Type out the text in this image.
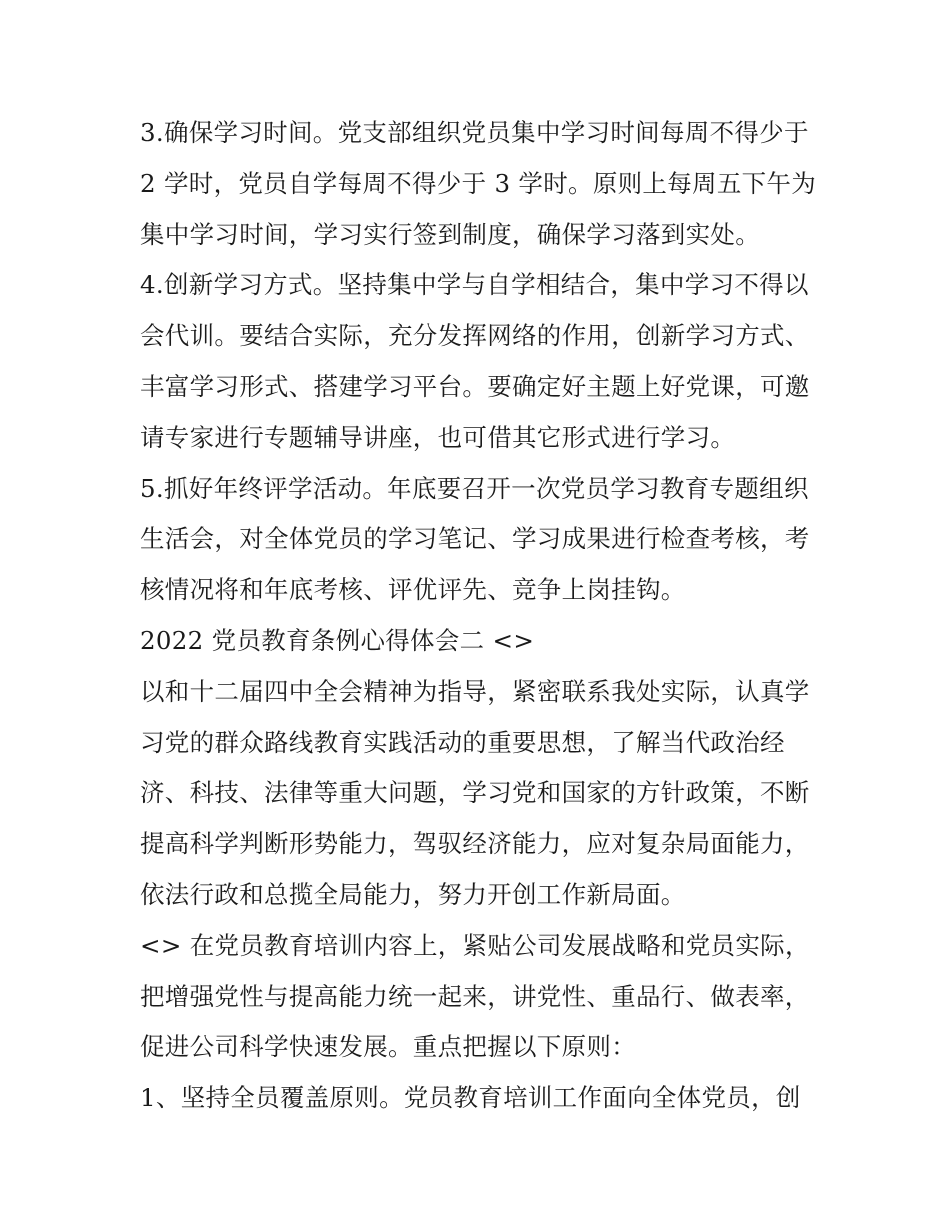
3.确保学习时间。党支部组织党员集中学习时间每周不得少于
2 学时，党员自学每周不得少于 3 学时。原则上每周五下午为
集中学习时间，学习实行签到制度，确保学习落到实处。
4.创新学习方式。坚持集中学与自学相结合，集中学习不得以
会代训。要结合实际，充分发挥网络的作用，创新学习方式、
丰富学习形式、搭建学习平台。要确定好主题上好党课，可邀
请专家进行专题辅导讲座，也可借其它形式进行学习。
5.抓好年终评学活动。年底要召开一次党员学习教育专题组织
生活会，对全体党员的学习笔记、学习成果进行检查考核，考
核情况将和年底考核、评优评先、竞争上岗挂钩。
2022 党员教育条例心得体会二 <>
以和十二届四中全会精神为指导，紧密联系我处实际，认真学
习党的群众路线教育实践活动的重要思想，了解当代政治经
济、科技、法律等重大问题，学习党和国家的方针政策，不断
提高科学判断形势能力，驾驭经济能力，应对复杂局面能力，
依法行政和总揽全局能力，努力开创工作新局面。
<> 在党员教育培训内容上，紧贴公司发展战略和党员实际，
把增强党性与提高能力统一起来，讲党性、重品行、做表率，
促进公司科学快速发展。重点把握以下原则：
1、坚持全员覆盖原则。党员教育培训工作面向全体党员，创
